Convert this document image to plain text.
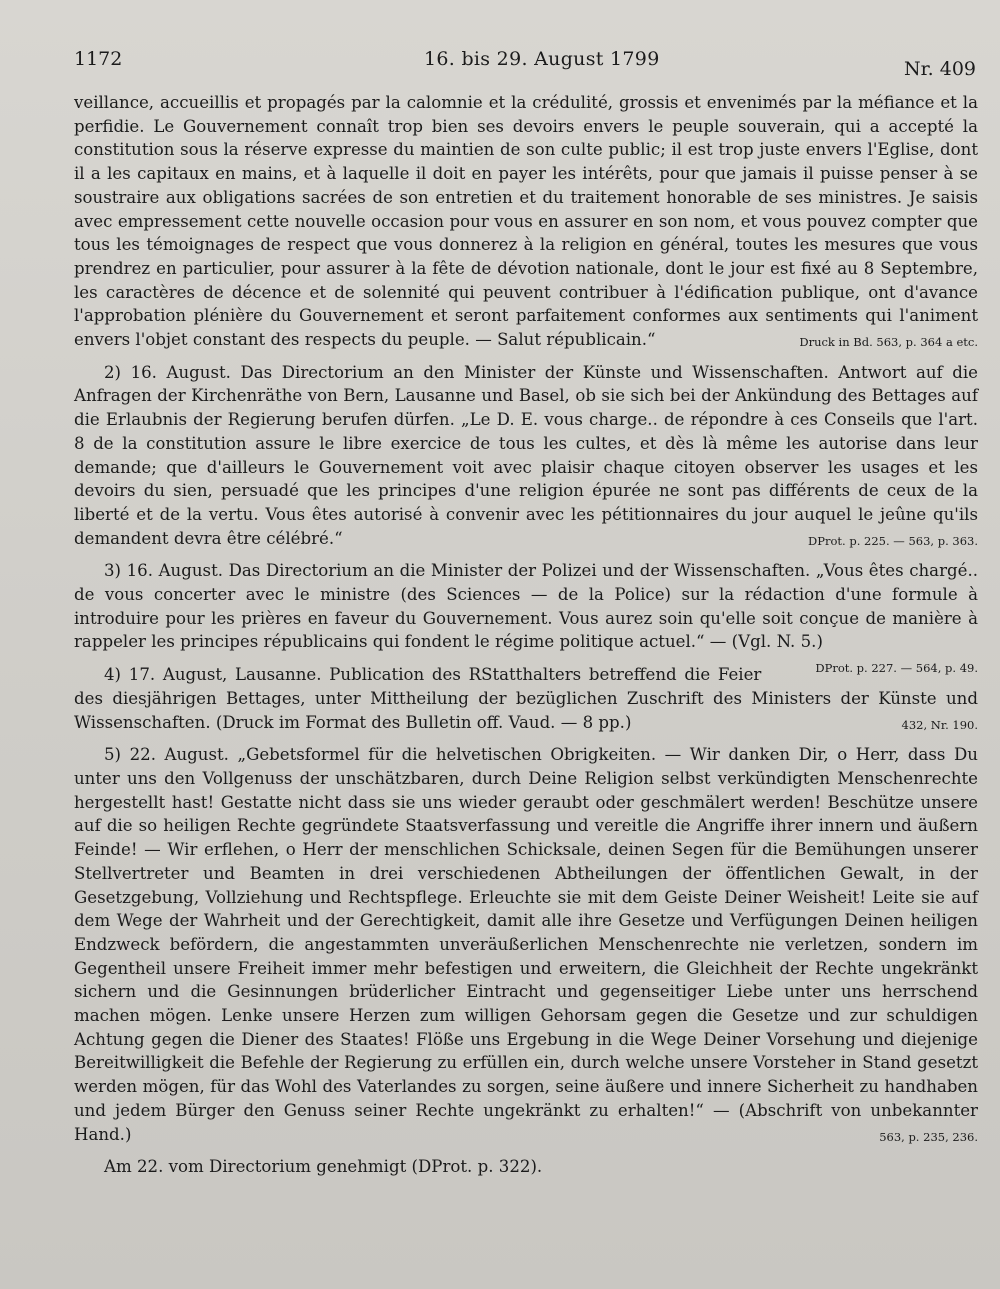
1172	16. bis 29. August 1799	Nr. 409

veillance, accueillis et propagés par la calomnie et la crédulité, grossis et envenimés par la méfiance et la perfidie. Le Gouvernement connaît trop bien ses devoirs envers le peuple souverain, qui a accepté la constitution sous la réserve expresse du maintien de son culte public; il est trop juste envers l'Eglise, dont il a les capitaux en mains, et à laquelle il doit en payer les intérêts, pour que jamais il puisse penser à se soustraire aux obligations sacrées de son entretien et du traitement honorable de ses ministres. Je saisis avec empressement cette nouvelle occasion pour vous en assurer en son nom, et vous pouvez compter que tous les témoignages de respect que vous donnerez à la religion en général, toutes les mesures que vous prendrez en particulier, pour assurer à la fête de dévotion nationale, dont le jour est fixé au 8 Septembre, les caractères de décence et de solennité qui peuvent contribuer à l'édification publique, ont d'avance l'approbation plénière du Gouvernement et seront parfaitement conformes aux sentiments qui l'animent envers l'objet constant des respects du peuple. — Salut républicain.“	Druck in Bd. 563, p. 364 a etc.

2) 16. August. Das Directorium an den Minister der Künste und Wissenschaften. Antwort auf die Anfragen der Kirchenräthe von Bern, Lausanne und Basel, ob sie sich bei der Ankündung des Bettages auf die Erlaubnis der Regierung berufen dürfen. „Le D. E. vous charge.. de répondre à ces Conseils que l'art. 8 de la constitution assure le libre exercice de tous les cultes, et dès là même les autorise dans leur demande; que d'ailleurs le Gouvernement voit avec plaisir chaque citoyen observer les usages et les devoirs du sien, persuadé que les principes d'une religion épurée ne sont pas différents de ceux de la liberté et de la vertu. Vous êtes autorisé à convenir avec les pétitionnaires du jour auquel le jeûne qu'ils demandent devra être célébré.“	DProt. p. 225. — 563, p. 363.

3) 16. August. Das Directorium an die Minister der Polizei und der Wissenschaften. „Vous êtes chargé.. de vous concerter avec le ministre (des Sciences — de la Police) sur la rédaction d'une formule à introduire pour les prières en faveur du Gouvernement. Vous aurez soin qu'elle soit conçue de manière à rappeler les principes républicains qui fondent le régime politique actuel.“ — (Vgl. N. 5.)
DProt. p. 227. — 564, p. 49.

4) 17. August, Lausanne. Publication des RStatthalters betreffend die Feier des diesjährigen Bettages, unter Mittheilung der bezüglichen Zuschrift des Ministers der Künste und Wissenschaften. (Druck im Format des Bulletin off. Vaud. — 8 pp.)	432, Nr. 190.

5) 22. August. „Gebetsformel für die helvetischen Obrigkeiten. — Wir danken Dir, o Herr, dass Du unter uns den Vollgenuss der unschätzbaren, durch Deine Religion selbst verkündigten Menschenrechte hergestellt hast! Gestatte nicht dass sie uns wieder geraubt oder geschmälert werden! Beschütze unsere auf die so heiligen Rechte gegründete Staatsverfassung und vereitle die Angriffe ihrer innern und äußern Feinde! — Wir erflehen, o Herr der menschlichen Schicksale, deinen Segen für die Bemühungen unserer Stellvertreter und Beamten in drei verschiedenen Abtheilungen der öffentlichen Gewalt, in der Gesetzgebung, Vollziehung und Rechtspflege. Erleuchte sie mit dem Geiste Deiner Weisheit! Leite sie auf dem Wege der Wahrheit und der Gerechtigkeit, damit alle ihre Gesetze und Verfügungen Deinen heiligen Endzweck befördern, die angestammten unveräußerlichen Menschenrechte nie verletzen, sondern im Gegentheil unsere Freiheit immer mehr befestigen und erweitern, die Gleichheit der Rechte ungekränkt sichern und die Gesinnungen brüderlicher Eintracht und gegenseitiger Liebe unter uns herrschend machen mögen. Lenke unsere Herzen zum willigen Gehorsam gegen die Gesetze und zur schuldigen Achtung gegen die Diener des Staates! Flöße uns Ergebung in die Wege Deiner Vorsehung und diejenige Bereitwilligkeit die Befehle der Regierung zu erfüllen ein, durch welche unsere Vorsteher in Stand gesetzt werden mögen, für das Wohl des Vaterlandes zu sorgen, seine äußere und innere Sicherheit zu handhaben und jedem Bürger den Genuss seiner Rechte ungekränkt zu erhalten!“ — (Abschrift von unbekannter Hand.)	563, p. 235, 236.

Am 22. vom Directorium genehmigt (DProt. p. 322).
